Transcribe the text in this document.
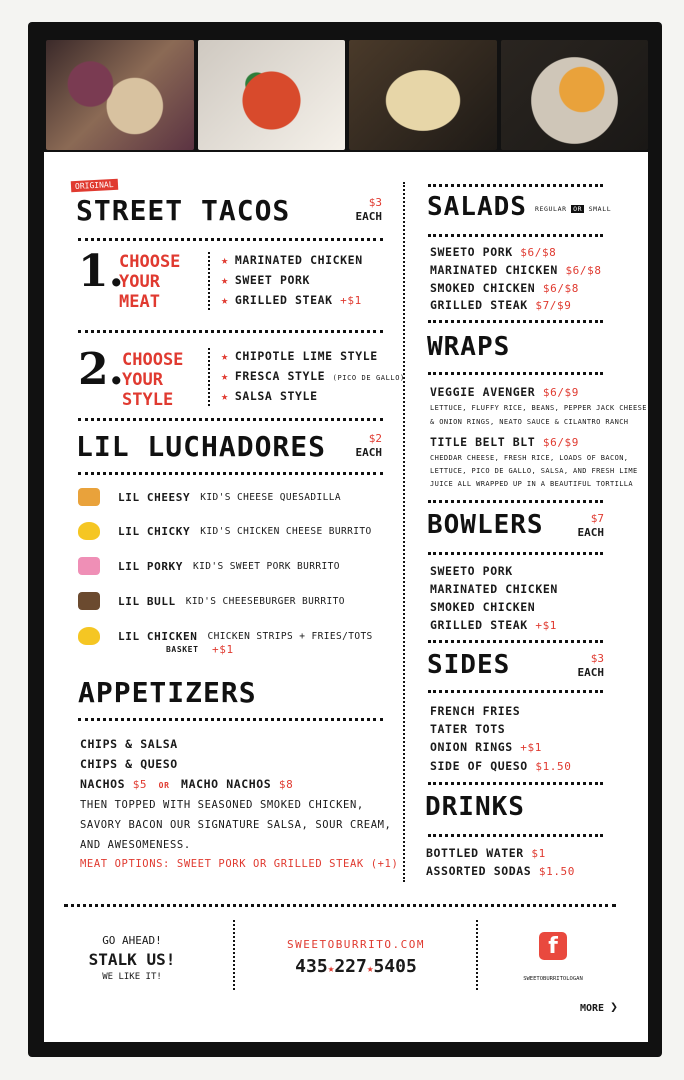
ORIGINAL
STREET TACOS	$3
EACH
1.
CHOOSE
YOUR
MEAT
★ MARINATED CHICKEN
★ SWEET PORK
★ GRILLED STEAK +$1
2.
CHOOSE
YOUR
STYLE
★ CHIPOTLE LIME STYLE
★ FRESCA STYLE (PICO DE GALLO)
★ SALSA STYLE
LIL LUCHADORES	$2
EACH
LIL CHEESY KID'S CHEESE QUESADILLA
LIL CHICKY KID'S CHICKEN CHEESE BURRITO
LIL PORKY KID'S SWEET PORK BURRITO
LIL BULL KID'S CHEESEBURGER BURRITO
LIL CHICKEN CHICKEN STRIPS + FRIES/TOTS
BASKET +$1
APPETIZERS
CHIPS & SALSA
CHIPS & QUESO
NACHOS $5 OR MACHO NACHOS $8
THEN TOPPED WITH SEASONED SMOKED CHICKEN,
SAVORY BACON OUR SIGNATURE SALSA, SOUR CREAM,
AND AWESOMENESS.
MEAT OPTIONS: SWEET PORK OR GRILLED STEAK (+1)
SALADS REGULAR OR SMALL
SWEETO PORK $6/$8
MARINATED CHICKEN $6/$8
SMOKED CHICKEN $6/$8
GRILLED STEAK $7/$9
WRAPS
VEGGIE AVENGER $6/$9
LETTUCE, FLUFFY RICE, BEANS, PEPPER JACK CHEESE
& ONION RINGS, NEATO SAUCE & CILANTRO RANCH
TITLE BELT BLT $6/$9
CHEDDAR CHEESE, FRESH RICE, LOADS OF BACON,
LETTUCE, PICO DE GALLO, SALSA, AND FRESH LIME
JUICE ALL WRAPPED UP IN A BEAUTIFUL TORTILLA
BOWLERS	$7
EACH
SWEETO PORK
MARINATED CHICKEN
SMOKED CHICKEN
GRILLED STEAK +$1
SIDES	$3
EACH
FRENCH FRIES
TATER TOTS
ONION RINGS +$1
SIDE OF QUESO $1.50
DRINKS
BOTTLED WATER $1
ASSORTED SODAS $1.50
GO AHEAD!
STALK US!
WE LIKE IT!
SWEETOBURRITO.COM
435★227★5405
f
SWEETOBURRITOLOGAN
MORE ❯
